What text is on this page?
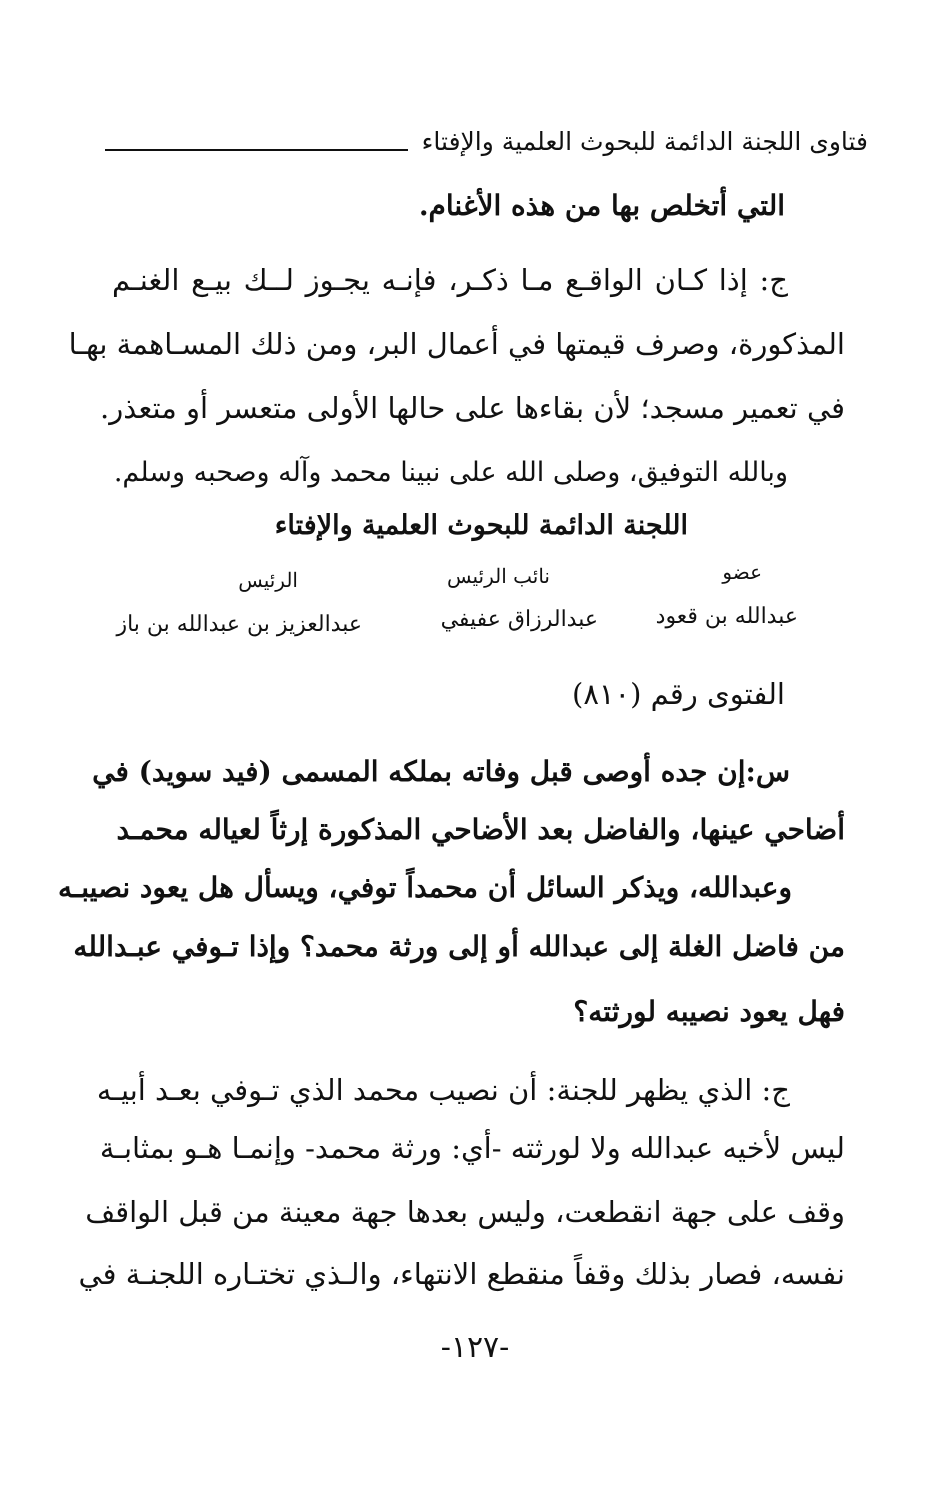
فتاوى اللجنة الدائمة للبحوث العلمية والإفتاء
التي أتخلص بها من هذه الأغنام.
ج: إذا كـان الواقـع مـا ذكـر، فإنـه يجـوز لــك بيـع الغنـم
المذكورة، وصرف قيمتها في أعمال البر، ومن ذلك المسـاهمة بهـا
في تعمير مسجد؛ لأن بقاءها على حالها الأولى متعسر أو متعذر.
وبالله التوفيق، وصلى الله على نبينا محمد وآله وصحبه وسلم.
اللجنة الدائمة للبحوث العلمية والإفتاء
عضو
نائب الرئيس
الرئيس
عبدالله بن قعود
عبدالرزاق عفيفي
عبدالعزيز بن عبدالله بن باز
الفتوى رقم (٨١٠)
س:إن جده أوصى قبل وفاته بملكه المسمى (فيد سويد) في
أضاحي عينها، والفاضل بعد الأضاحي المذكورة إرثاً لعياله محمـد
وعبدالله، ويذكر السائل أن محمداً توفي، ويسأل هل يعود نصيبـه
من فاضل الغلة إلى عبدالله أو إلى ورثة محمد؟ وإذا تـوفي عبـدالله
فهل يعود نصيبه لورثته؟
ج: الذي يظهر للجنة: أن نصيب محمد الذي تـوفي بعـد أبيـه
ليس لأخيه عبدالله ولا لورثته -أي: ورثة محمد- وإنمـا هـو بمثابـة
وقف على جهة انقطعت، وليس بعدها جهة معينة من قبل الواقف
نفسه، فصار بذلك وقفاً منقطع الانتهاء، والـذي تختـاره اللجنـة في
-١٢٧-
